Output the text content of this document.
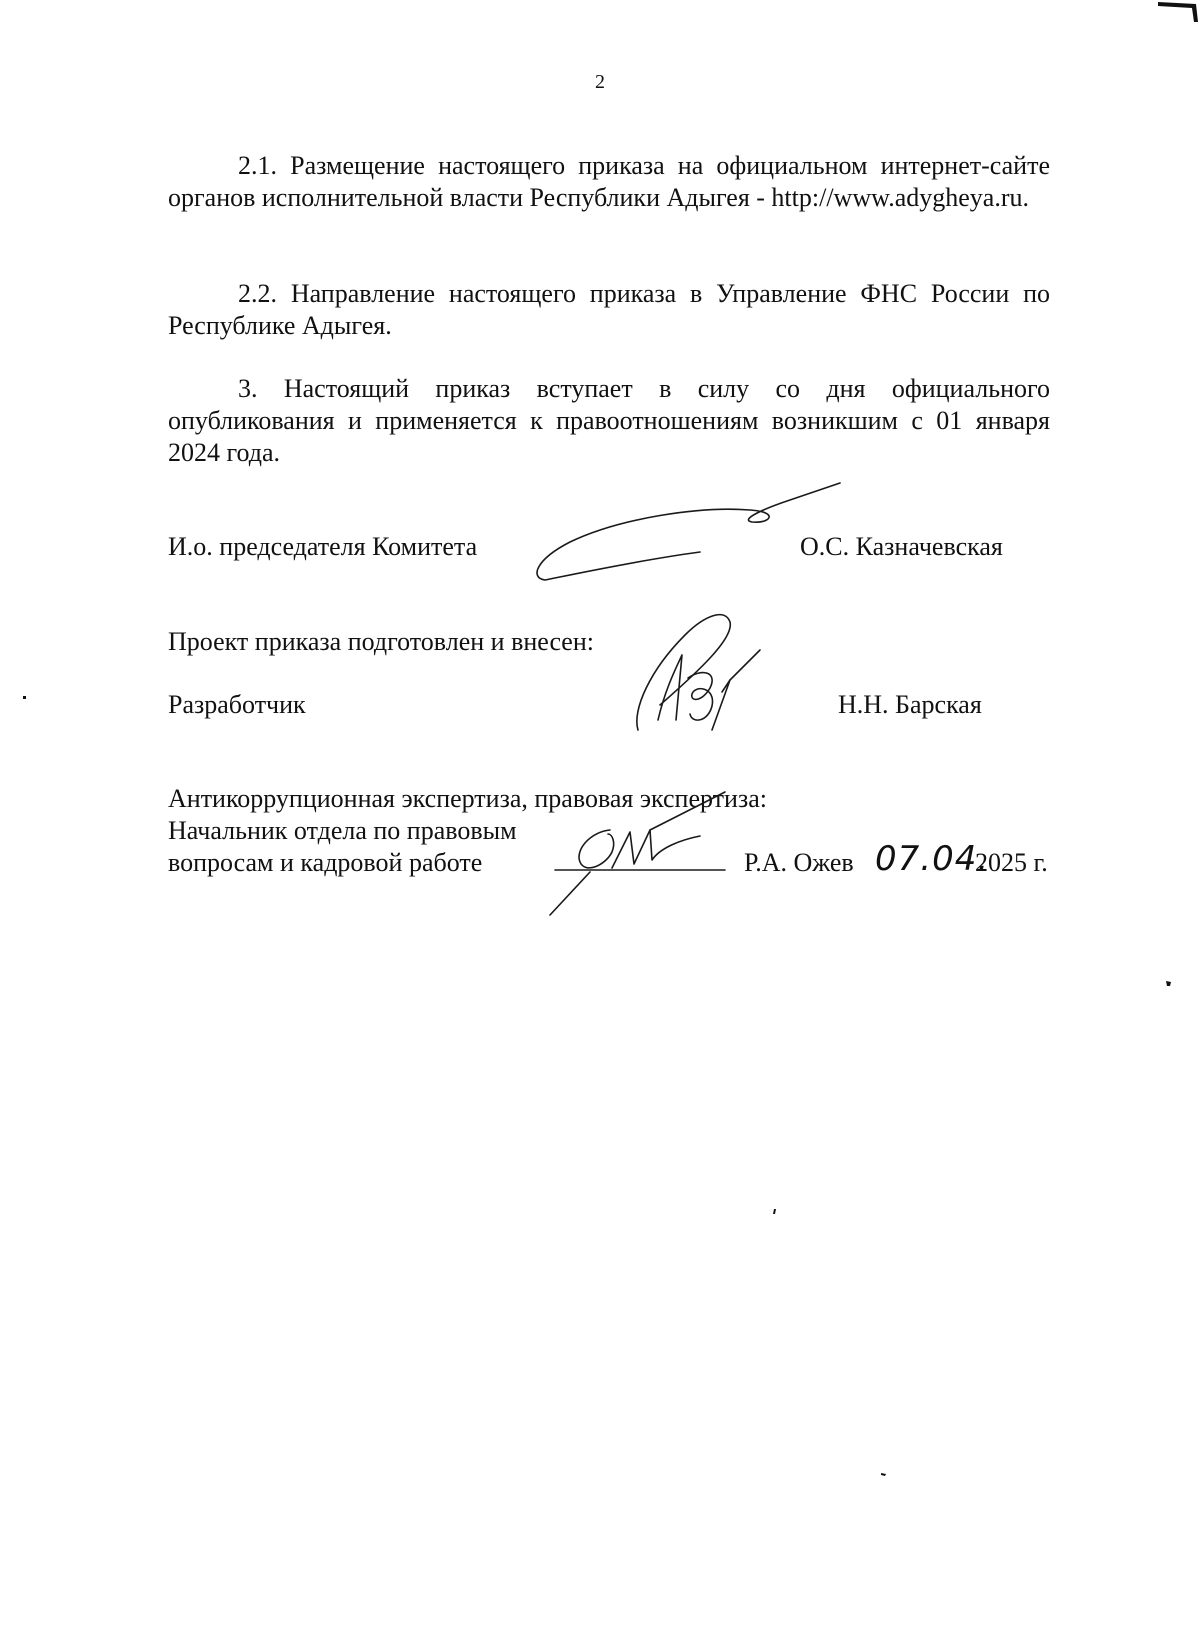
2

2.1. Размещение настоящего приказа на официальном интернет-сайте органов исполнительной власти Республики Адыгея - http://www.adygheya.ru.

2.2. Направление настоящего приказа в Управление ФНС России по Республике Адыгея.

3. Настоящий приказ вступает в силу со дня официального опубликования и применяется к правоотношениям возникшим с 01 января 2024 года.

И.о. председателя Комитета	О.С. Казначевская
Проект приказа подготовлен и внесен:
Разработчик	Н.Н. Барская
Антикоррупционная экспертиза, правовая экспертиза:
Начальник отдела по правовым
вопросам и кадровой работе	Р.А. Ожев 07.04.
2025 г.
